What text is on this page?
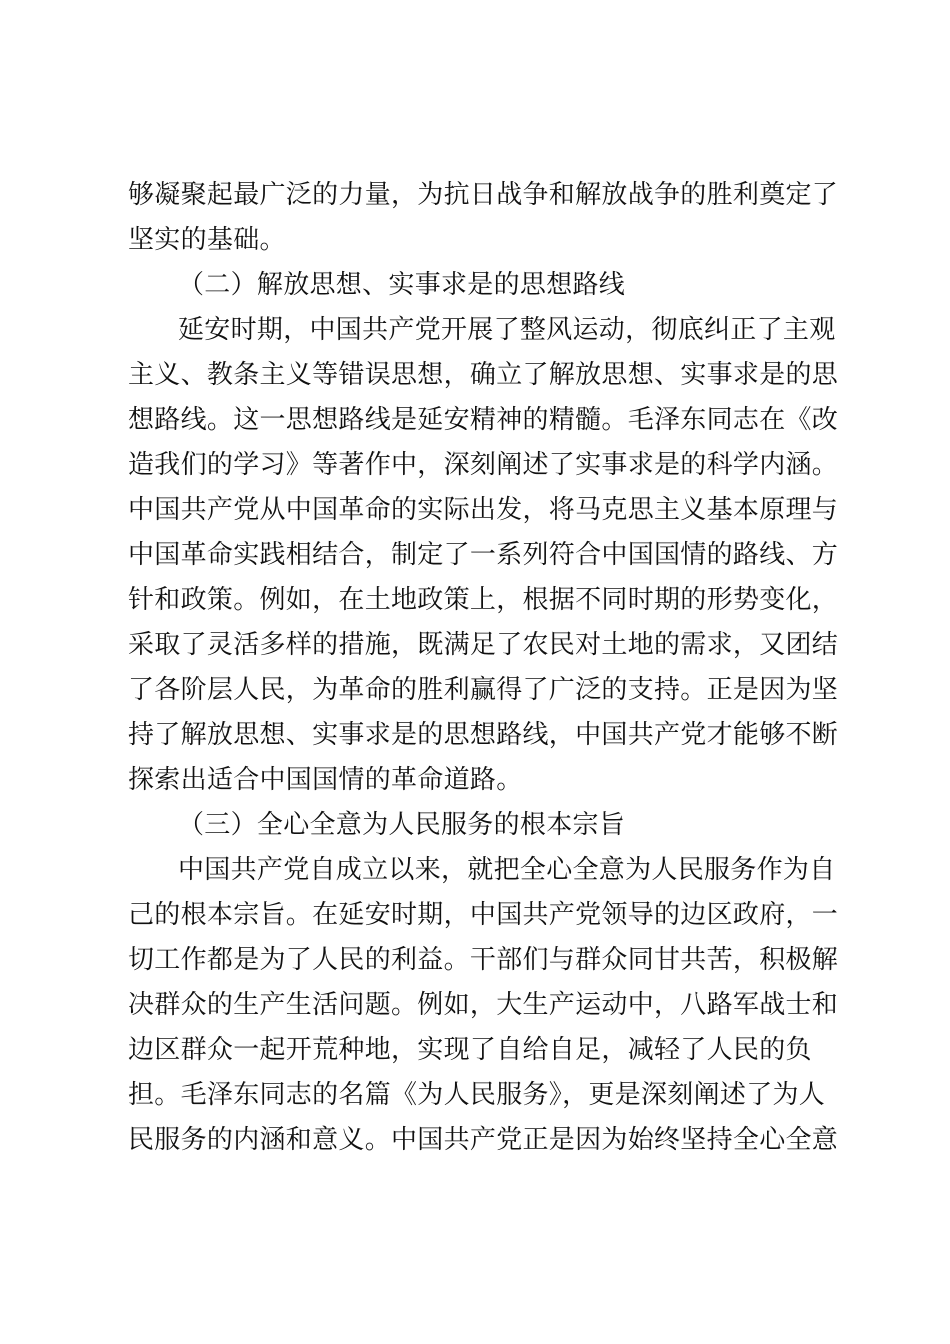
够凝聚起最广泛的力量，为抗日战争和解放战争的胜利奠定了
坚实的基础。
（二）解放思想、实事求是的思想路线
延安时期，中国共产党开展了整风运动，彻底纠正了主观
主义、教条主义等错误思想，确立了解放思想、实事求是的思
想路线。这一思想路线是延安精神的精髓。毛泽东同志在《改
造我们的学习》等著作中，深刻阐述了实事求是的科学内涵。
中国共产党从中国革命的实际出发，将马克思主义基本原理与
中国革命实践相结合，制定了一系列符合中国国情的路线、方
针和政策。例如，在土地政策上，根据不同时期的形势变化，
采取了灵活多样的措施，既满足了农民对土地的需求，又团结
了各阶层人民，为革命的胜利赢得了广泛的支持。正是因为坚
持了解放思想、实事求是的思想路线，中国共产党才能够不断
探索出适合中国国情的革命道路。
（三）全心全意为人民服务的根本宗旨
中国共产党自成立以来，就把全心全意为人民服务作为自
己的根本宗旨。在延安时期，中国共产党领导的边区政府，一
切工作都是为了人民的利益。干部们与群众同甘共苦，积极解
决群众的生产生活问题。例如，大生产运动中，八路军战士和
边区群众一起开荒种地，实现了自给自足，减轻了人民的负
担。毛泽东同志的名篇《为人民服务》，更是深刻阐述了为人
民服务的内涵和意义。中国共产党正是因为始终坚持全心全意
